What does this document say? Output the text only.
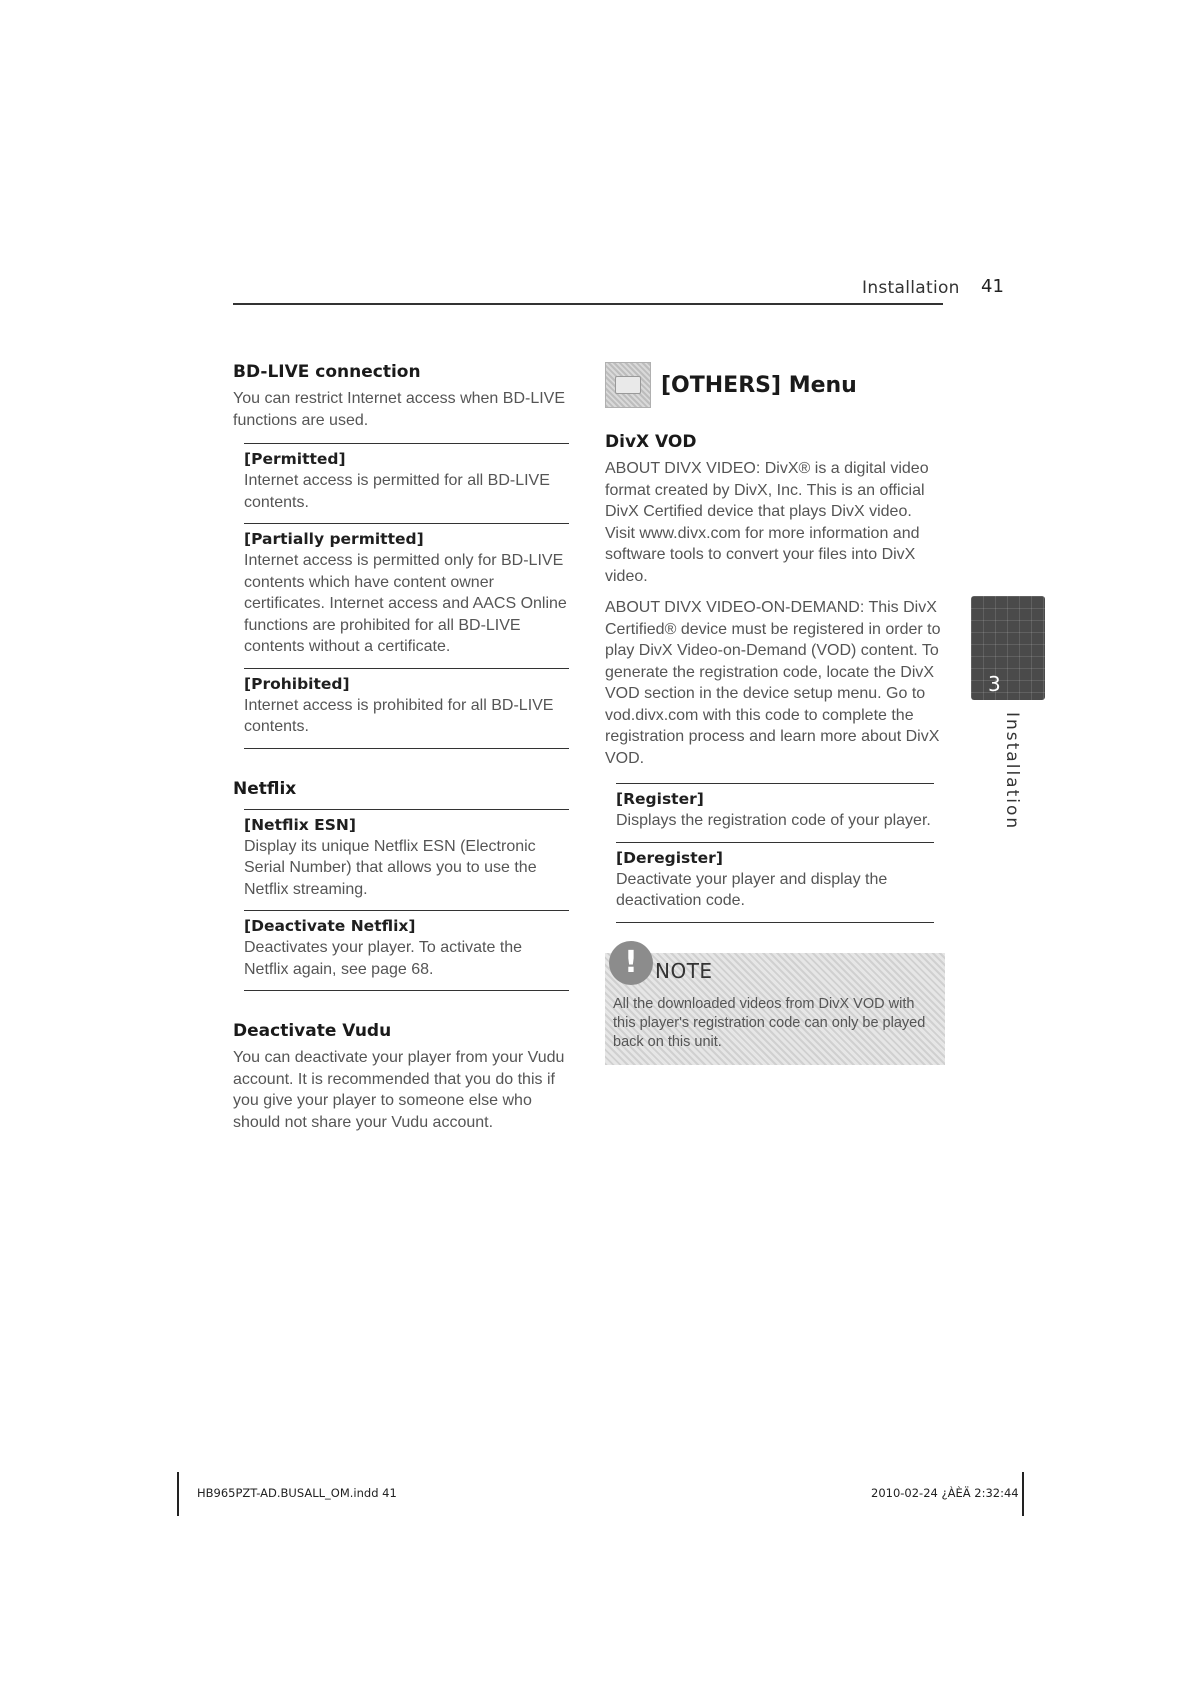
Installation 41
BD-LIVE connection

You can restrict Internet access when BD-LIVE functions are used.

[Permitted]

Internet access is permitted for all BD-LIVE contents.

[Partially permitted]

Internet access is permitted only for BD-LIVE contents which have content owner certificates. Internet access and AACS Online functions are prohibited for all BD-LIVE contents without a certificate.

[Prohibited]

Internet access is prohibited for all BD-LIVE contents.

Netflix

[Netflix ESN]

Display its unique Netflix ESN (Electronic Serial Number) that allows you to use the Netflix streaming.

[Deactivate Netflix]

Deactivates your player. To activate the Netflix again, see page 68.

Deactivate Vudu

You can deactivate your player from your Vudu account. It is recommended that you do this if you give your player to someone else who should not share your Vudu account.

[OTHERS] Menu
DivX VOD

ABOUT DIVX VIDEO: DivX® is a digital video format created by DivX, Inc. This is an official DivX Certified device that plays DivX video. Visit www.divx.com for more information and software tools to convert your files into DivX video.

ABOUT DIVX VIDEO-ON-DEMAND: This DivX Certified® device must be registered in order to play DivX Video-on-Demand (VOD) content. To generate the registration code, locate the DivX VOD section in the device setup menu. Go to vod.divx.com with this code to complete the registration process and learn more about DivX VOD.

[Register]

Displays the registration code of your player.

[Deregister]

Deactivate your player and display the deactivation code.

! NOTE

All the downloaded videos from DivX VOD with this player's registration code can only be played back on this unit.

3
Installation
HB965PZT-AD.BUSALL_OM.indd 41	2010-02-24 ¿ÀÈÄ 2:32:44
